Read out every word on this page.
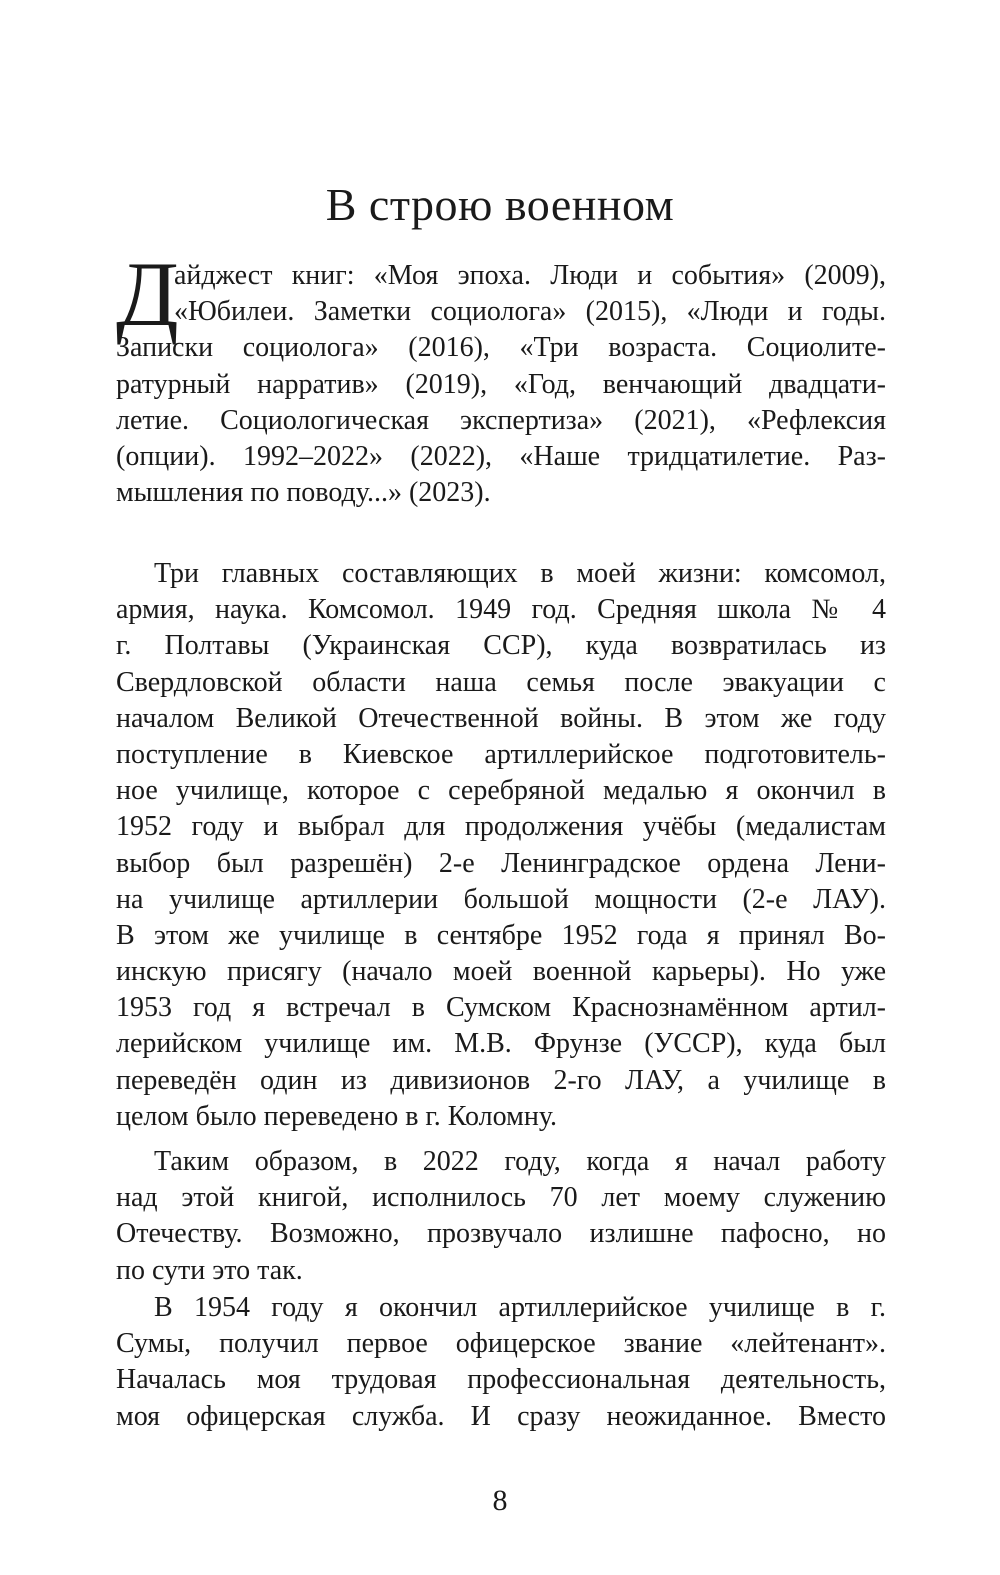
В строю военном
Д
айджест книг: «Моя эпоха. Люди и события» (2009),
«Юбилеи. Заметки социолога» (2015), «Люди и годы.
Записки социолога» (2016), «Три возраста. Социолите-
ратурный нарратив» (2019), «Год, венчающий двадцати-
летие. Социологическая экспертиза» (2021), «Рефлексия
(опции). 1992–2022» (2022), «Наше тридцатилетие. Раз-
мышления по поводу...» (2023).
Три главных составляющих в моей жизни: комсомол,
армия, наука. Комсомол. 1949 год. Средняя школа № 4
г. Полтавы (Украинская ССР), куда возвратилась из
Свердловской области наша семья после эвакуации с
началом Великой Отечественной войны. В этом же году
поступление в Киевское артиллерийское подготовитель-
ное училище, которое с серебряной медалью я окончил в
1952 году и выбрал для продолжения учёбы (медалистам
выбор был разрешён) 2-е Ленинградское ордена Лени-
на училище артиллерии большой мощности (2-е ЛАУ).
В этом же училище в сентябре 1952 года я принял Во-
инскую присягу (начало моей военной карьеры). Но уже
1953 год я встречал в Сумском Краснознамённом артил-
лерийском училище им. М.В. Фрунзе (УССР), куда был
переведён один из дивизионов 2-го ЛАУ, а училище в
целом было переведено в г. Коломну.
Таким образом, в 2022 году, когда я начал работу
над этой книгой, исполнилось 70 лет моему служению
Отечеству. Возможно, прозвучало излишне пафосно, но
по сути это так.
В 1954 году я окончил артиллерийское училище в г.
Сумы, получил первое офицерское звание «лейтенант».
Началась моя трудовая профессиональная деятельность,
моя офицерская служба. И сразу неожиданное. Вместо
8
